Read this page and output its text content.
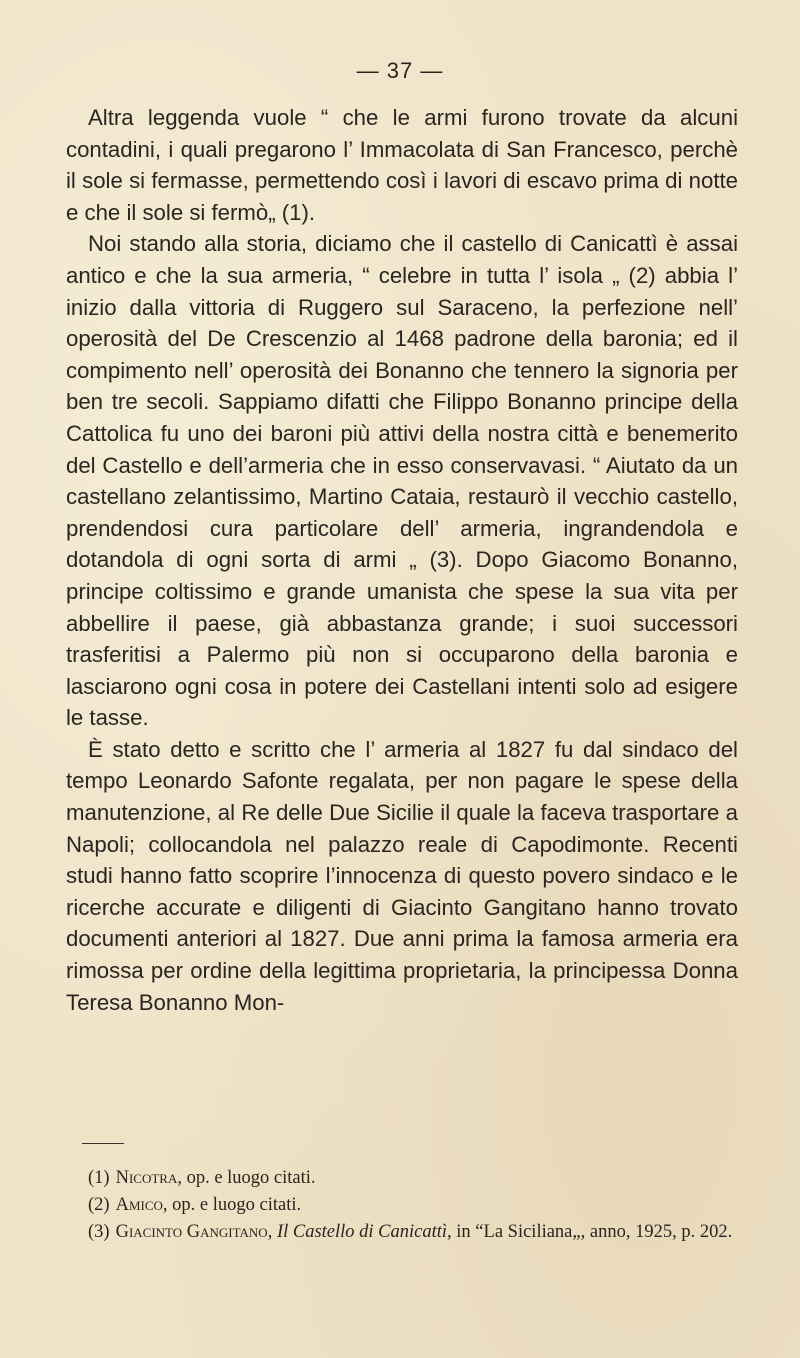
— 37 —

Altra leggenda vuole “ che le armi furono trovate da alcuni contadini, i quali pregarono l’ Immacolata di San Francesco, perchè il sole si fermasse, permettendo così i lavori di escavo prima di notte e che il sole si fermò„ (1).

Noi stando alla storia, diciamo che il castello di Canicattì è assai antico e che la sua armeria, “ celebre in tutta l’ isola „ (2) abbia l’ inizio dalla vittoria di Ruggero sul Saraceno, la perfezione nell’ operosità del De Crescenzio al 1468 padrone della baronia; ed il compimento nell’ operosità dei Bonanno che tennero la signoria per ben tre secoli. Sappiamo difatti che Filippo Bonanno principe della Cattolica fu uno dei baroni più attivi della nostra città e benemerito del Castello e dell’armeria che in esso conservavasi. “ Aiutato da un castellano zelantissimo, Martino Cataia, restaurò il vecchio castello, prendendosi cura particolare dell’ armeria, ingrandendola e dotandola di ogni sorta di armi „ (3). Dopo Giacomo Bonanno, principe coltissimo e grande umanista che spese la sua vita per abbellire il paese, già abbastanza grande; i suoi successori trasferitisi a Palermo più non si occuparono della baronia e lasciarono ogni cosa in potere dei Castellani intenti solo ad esigere le tasse.

È stato detto e scritto che l’ armeria al 1827 fu dal sindaco del tempo Leonardo Safonte regalata, per non pagare le spese della manutenzione, al Re delle Due Sicilie il quale la faceva trasportare a Napoli; collocandola nel palazzo reale di Capodimonte. Recenti studi hanno fatto scoprire l’innocenza di questo povero sindaco e le ricerche accurate e diligenti di Giacinto Gangitano hanno trovato documenti anteriori al 1827. Due anni prima la famosa armeria era rimossa per ordine della legittima proprietaria, la principessa Donna Teresa Bonanno Mon-

(1) Nicotra, op. e luogo citati.

(2) Amico, op. e luogo citati.

(3) Giacinto Gangitano, Il Castello di Canicattì, in “La Siciliana„, anno, 1925, p. 202.
